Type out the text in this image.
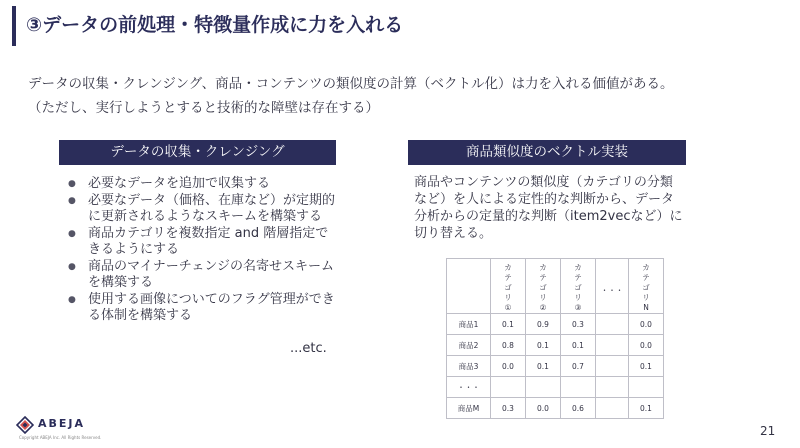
③データの前処理・特徴量作成に力を入れる
データの収集・クレンジング、商品・コンテンツの類似度の計算（ベクトル化）は力を入れる価値がある。
（ただし、実行しようとすると技術的な障壁は存在する）
データの収集・クレンジング
● 必要なデータを追加で収集する
● 必要なデータ（価格、在庫など）が定期的に更新されるようなスキームを構築する
● 商品カテゴリを複数指定 and 階層指定できるようにする
● 商品のマイナーチェンジの名寄せスキームを構築する
● 使用する画像についてのフラグ管理ができる体制を構築する
...etc.
商品類似度のベクトル実装
商品やコンテンツの類似度（カテゴリの分類など）を人による定性的な判断から、データ分析からの定量的な判断（item2vecなど）に切り替える。
	カテゴリ①	カテゴリ②	カテゴリ③	・・・	カテゴリN
商品1	0.1	0.9	0.3		0.0
商品2	0.8	0.1	0.1		0.0
商品3	0.0	0.1	0.7		0.1
・・・					
商品M	0.3	0.0	0.6		0.1
ABEJA
Copyright ABEJA Inc. All Rights Reserved.	21
